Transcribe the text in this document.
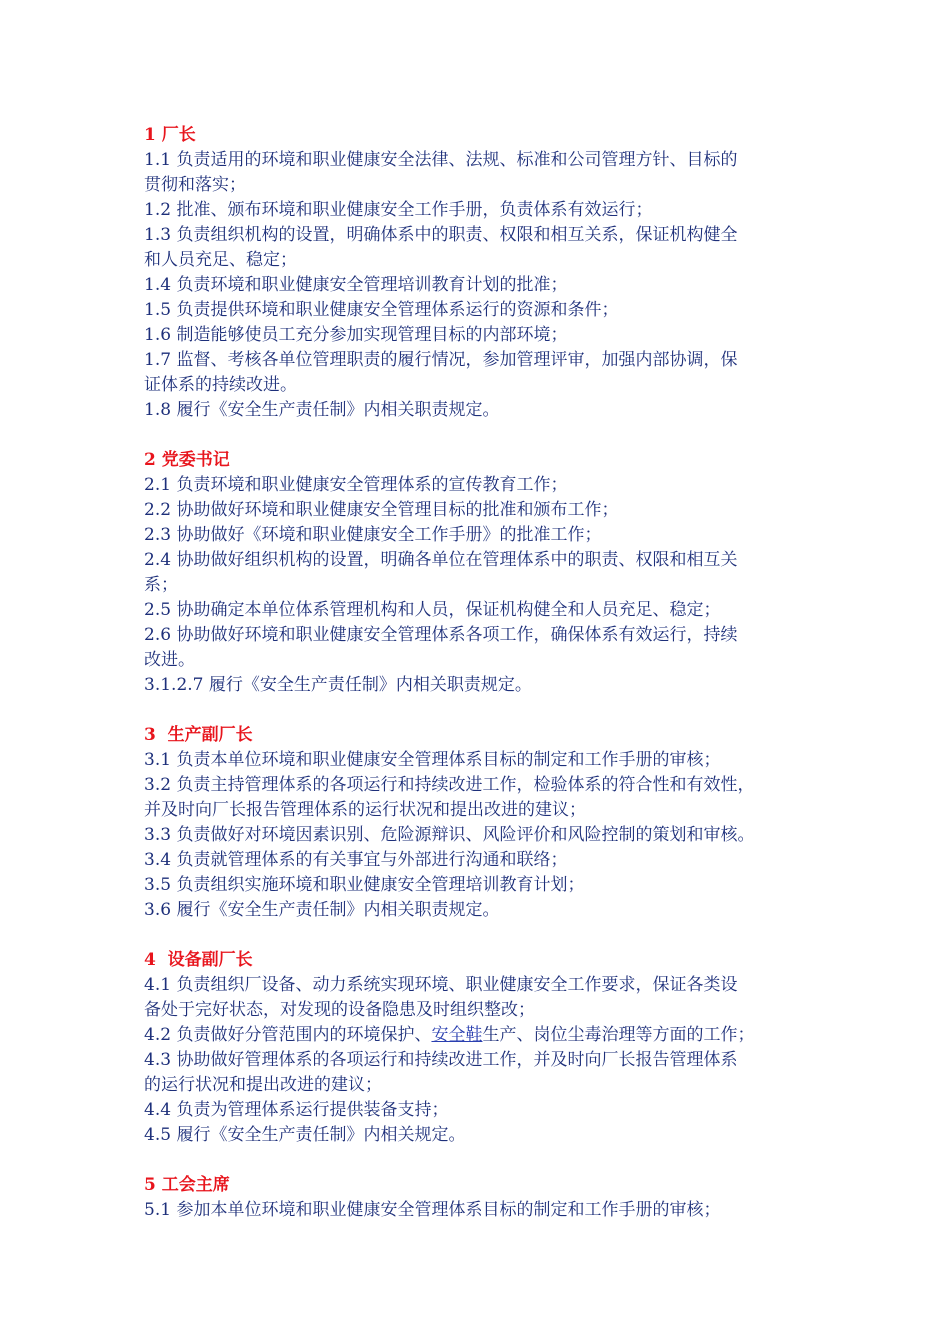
1 厂长

1.1 负责适用的环境和职业健康安全法律、法规、标准和公司管理方针、目标的
贯彻和落实；

1.2 批准、颁布环境和职业健康安全工作手册，负责体系有效运行；

1.3 负责组织机构的设置，明确体系中的职责、权限和相互关系，保证机构健全
和人员充足、稳定；

1.4 负责环境和职业健康安全管理培训教育计划的批准；

1.5 负责提供环境和职业健康安全管理体系运行的资源和条件；

1.6 制造能够使员工充分参加实现管理目标的内部环境；

1.7 监督、考核各单位管理职责的履行情况，参加管理评审，加强内部协调，保
证体系的持续改进。

1.8 履行《安全生产责任制》内相关职责规定。

2 党委书记

2.1 负责环境和职业健康安全管理体系的宣传教育工作；

2.2 协助做好环境和职业健康安全管理目标的批准和颁布工作；

2.3 协助做好《环境和职业健康安全工作手册》的批准工作；

2.4 协助做好组织机构的设置，明确各单位在管理体系中的职责、权限和相互关
系；

2.5 协助确定本单位体系管理机构和人员，保证机构健全和人员充足、稳定；

2.6 协助做好环境和职业健康安全管理体系各项工作，确保体系有效运行，持续
改进。

3.1.2.7 履行《安全生产责任制》内相关职责规定。

3  生产副厂长

3.1 负责本单位环境和职业健康安全管理体系目标的制定和工作手册的审核；

3.2 负责主持管理体系的各项运行和持续改进工作，检验体系的符合性和有效性，
并及时向厂长报告管理体系的运行状况和提出改进的建议；

3.3 负责做好对环境因素识别、危险源辩识、风险评价和风险控制的策划和审核。

3.4 负责就管理体系的有关事宜与外部进行沟通和联络；

3.5 负责组织实施环境和职业健康安全管理培训教育计划；

3.6 履行《安全生产责任制》内相关职责规定。

4  设备副厂长

4.1 负责组织厂设备、动力系统实现环境、职业健康安全工作要求，保证各类设
备处于完好状态，对发现的设备隐患及时组织整改；

4.2 负责做好分管范围内的环境保护、安全鞋生产、岗位尘毒治理等方面的工作；

4.3 协助做好管理体系的各项运行和持续改进工作，并及时向厂长报告管理体系
的运行状况和提出改进的建议；

4.4 负责为管理体系运行提供装备支持；

4.5 履行《安全生产责任制》内相关规定。

5 工会主席

5.1 参加本单位环境和职业健康安全管理体系目标的制定和工作手册的审核；
